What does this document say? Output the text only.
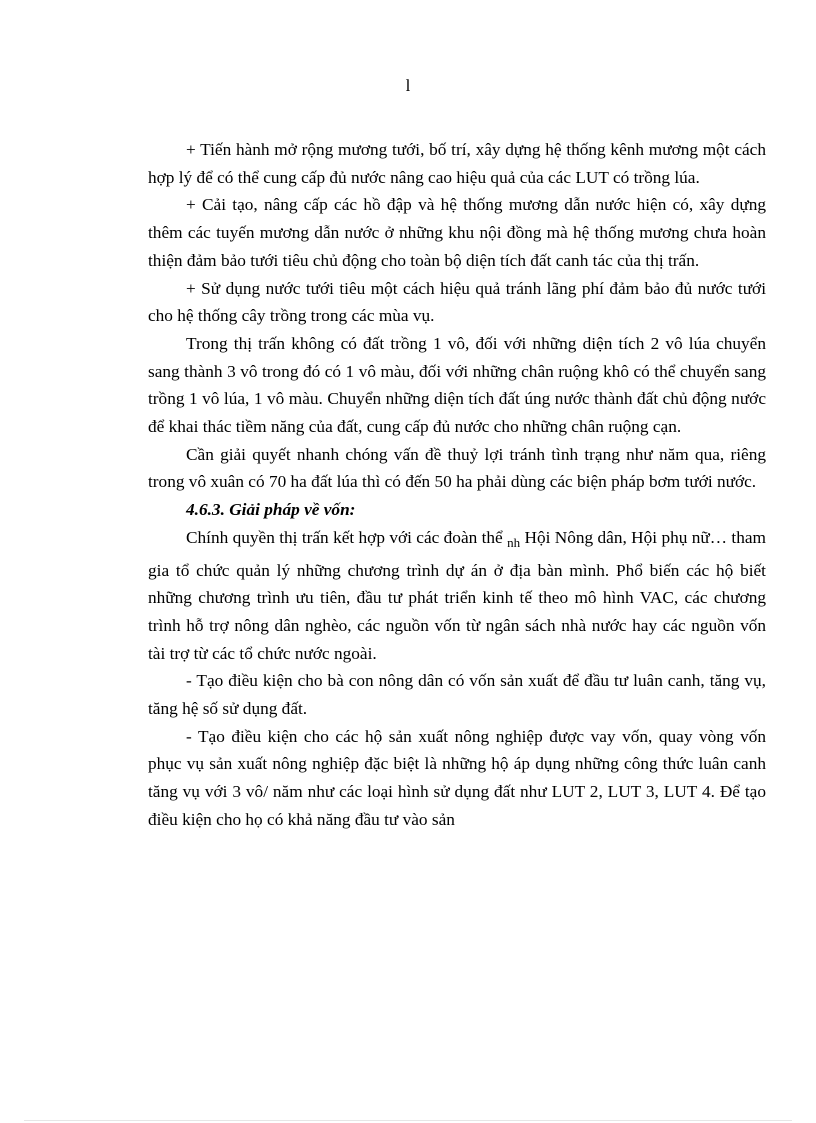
l

+ Tiến hành mở rộng mương tưới, bố trí, xây dựng hệ thống kênh mương một cách hợp lý để có thể cung cấp đủ nước nâng cao hiệu quả của các LUT có trồng lúa.

+ Cải tạo, nâng cấp các hồ đập và hệ thống mương dẫn nước hiện có, xây dựng thêm các tuyến mương dẫn nước ở những khu nội đồng mà hệ thống mương chưa hoàn thiện đảm bảo tưới tiêu chủ động cho toàn bộ diện tích đất canh tác của thị trấn.

+ Sử dụng nước tưới tiêu một cách hiệu quả tránh lãng phí đảm bảo đủ nước tưới cho hệ thống cây trồng trong các mùa vụ.

Trong thị trấn không có đất trồng 1 vô, đối với những diện tích 2 vô lúa chuyển sang thành 3 vô trong đó có 1 vô màu, đối với những chân ruộng khô có thể chuyển sang trồng 1 vô lúa, 1 vô màu. Chuyển những diện tích đất úng nước thành đất chủ động nước để khai thác tiềm năng của đất, cung cấp đủ nước cho những chân ruộng cạn.

Cần giải quyết nhanh chóng vấn đề thuỷ lợi tránh tình trạng như năm qua, riêng trong vô xuân có 70 ha đất lúa thì có đến 50 ha phải dùng các biện pháp bơm tưới nước.

4.6.3. Giải pháp về vốn:

Chính quyền thị trấn kết hợp với các đoàn thể $_{nh}$ Hội Nông dân, Hội phụ nữ… tham gia tổ chức quản lý những chương trình dự án ở địa bàn mình. Phổ biến các hộ biết những chương trình ưu tiên, đầu tư phát triển kinh tế theo mô hình VAC, các chương trình hỗ trợ nông dân nghèo, các nguồn vốn từ ngân sách nhà nước hay các nguồn vốn tài trợ từ các tổ chức nước ngoài.

- Tạo điều kiện cho bà con nông dân có vốn sản xuất để đầu tư luân canh, tăng vụ, tăng hệ số sử dụng đất.

- Tạo điều kiện cho các hộ sản xuất nông nghiệp được vay vốn, quay vòng vốn phục vụ sản xuất nông nghiệp đặc biệt là những hộ áp dụng những công thức luân canh tăng vụ với 3 vô/ năm như các loại hình sử dụng đất như LUT 2, LUT 3, LUT 4. Để tạo điều kiện cho họ có khả năng đầu tư vào sản
